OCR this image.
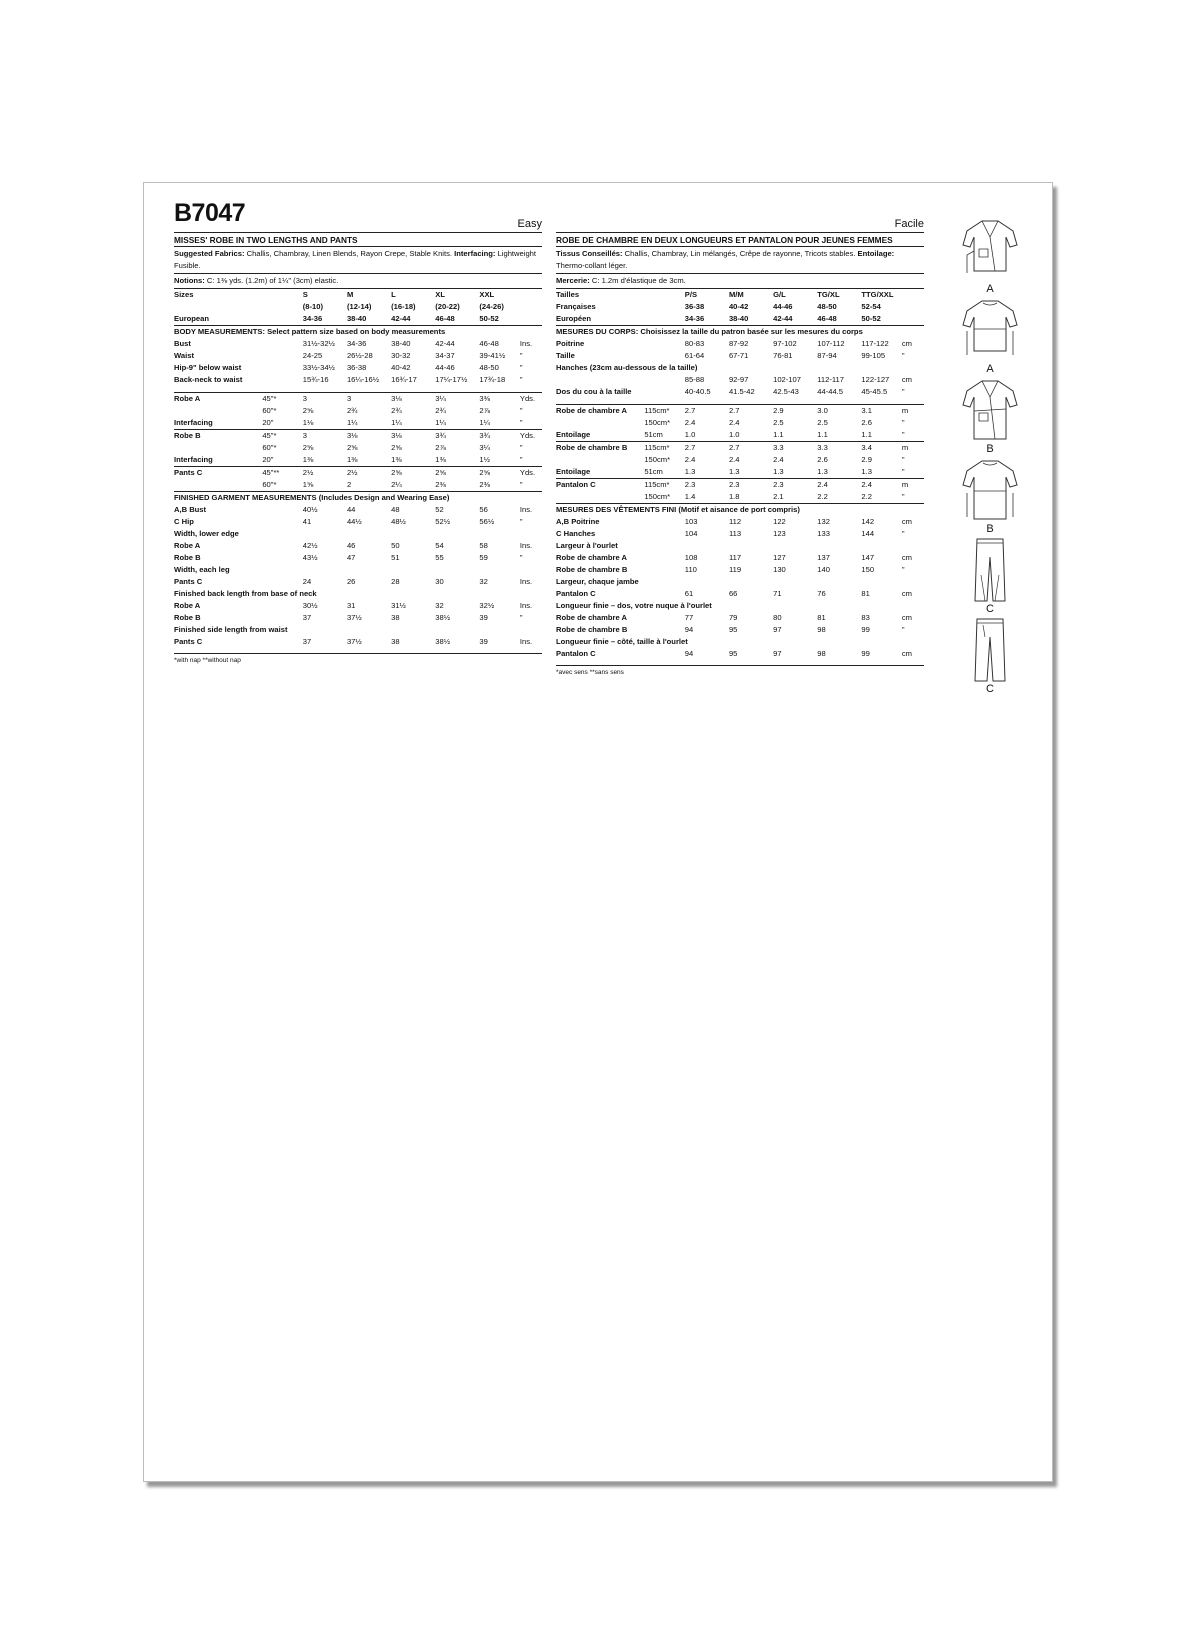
B7047	Easy
MISSES' ROBE IN TWO LENGTHS AND PANTS
Suggested Fabrics: Challis, Chambray, Linen Blends, Rayon Crepe, Stable Knits. Interfacing: Lightweight Fusible.
Notions: C: 1⅜ yds. (1.2m) of 1¼" (3cm) elastic.
Sizes		S	M	L	XL	XXL	
		(8-10)	(12-14)	(16-18)	(20-22)	(24-26)	
European		34-36	38-40	42-44	46-48	50-52	
BODY MEASUREMENTS: Select pattern size based on body measurements							
Bust		31½-32½	34-36	38-40	42-44	46-48	Ins.
Waist		24-25	26½-28	30-32	34-37	39-41½	"
Hip-9" below waist		33½-34½	36-38	40-42	44-46	48-50	"
Back-neck to waist		15¾-16	16¼-16½	16¾-17	17¼-17½	17¾-18	"

Robe A	45"*	3	3	3⅛	3¼	3⅜	Yds.
	60"*	2⅝	2¾	2¾	2¾	2⅞	"
Interfacing	20"	1⅛	1¼	1¼	1¼	1¼	"
Robe B	45"*	3	3⅛	3⅛	3¾	3¾	Yds.
	60"*	2⅝	2⅝	2⅝	2⅞	3¼	"
Interfacing	20"	1⅜	1⅜	1⅜	1⅜	1½	"
Pants C	45"**	2½	2½	2⅝	2⅝	2⅝	Yds.
	60"*	1⅝	2	2¼	2⅜	2⅜	"
FINISHED GARMENT MEASUREMENTS (Includes Design and Wearing Ease)							
A,B Bust		40½	44	48	52	56	Ins.
C Hip		41	44½	48½	52½	56½	"
Width, lower edge							
Robe A		42½	46	50	54	58	Ins.
Robe B		43½	47	51	55	59	"
Width, each leg							
Pants C		24	26	28	30	32	Ins.
Finished back length from base of neck							
Robe A		30½	31	31½	32	32½	Ins.
Robe B		37	37½	38	38½	39	"
Finished side length from waist							
Pants C		37	37½	38	38½	39	Ins.
*with nap **without nap
Facile
ROBE DE CHAMBRE EN DEUX LONGUEURS ET PANTALON POUR JEUNES FEMMES
Tissus Conseillés: Challis, Chambray, Lin mélangés, Crêpe de rayonne, Tricots stables. Entoilage: Thermo-collant léger.
Mercerie: C: 1.2m d'élastique de 3cm.
Tailles		P/S	M/M	G/L	TG/XL	TTG/XXL	
Françaises		36-38	40-42	44-46	48-50	52-54	
Européen		34-36	38-40	42-44	46-48	50-52	
MESURES DU CORPS: Choisissez la taille du patron basée sur les mesures du corps							
Poitrine		80-83	87-92	97-102	107-112	117-122	cm
Taille		61-64	67-71	76-81	87-94	99-105	"
Hanches (23cm au-dessous de la taille)							
		85-88	92-97	102-107	112-117	122-127	cm
Dos du cou à la taille		40-40.5	41.5-42	42.5-43	44-44.5	45-45.5	"

Robe de chambre A	115cm*	2.7	2.7	2.9	3.0	3.1	m
	150cm*	2.4	2.4	2.5	2.5	2.6	"
Entoilage	51cm	1.0	1.0	1.1	1.1	1.1	"
Robe de chambre B	115cm*	2.7	2.7	3.3	3.3	3.4	m
	150cm*	2.4	2.4	2.4	2.6	2.9	"
Entoilage	51cm	1.3	1.3	1.3	1.3	1.3	"
Pantalon C	115cm*	2.3	2.3	2.3	2.4	2.4	m
	150cm*	1.4	1.8	2.1	2.2	2.2	"
MESURES DES VÊTEMENTS FINI (Motif et aisance de port compris)							
A,B Poitrine		103	112	122	132	142	cm
C Hanches		104	113	123	133	144	"
Largeur à l'ourlet							
Robe de chambre A		108	117	127	137	147	cm
Robe de chambre B		110	119	130	140	150	"
Largeur, chaque jambe							
Pantalon C		61	66	71	76	81	cm
Longueur finie – dos, votre nuque à l'ourlet							
Robe de chambre A		77	79	80	81	83	cm
Robe de chambre B		94	95	97	98	99	"
Longueur finie – côté, taille à l'ourlet							
Pantalon C		94	95	97	98	99	cm
*avec sens **sans sens
A
A
B
B
C
C
